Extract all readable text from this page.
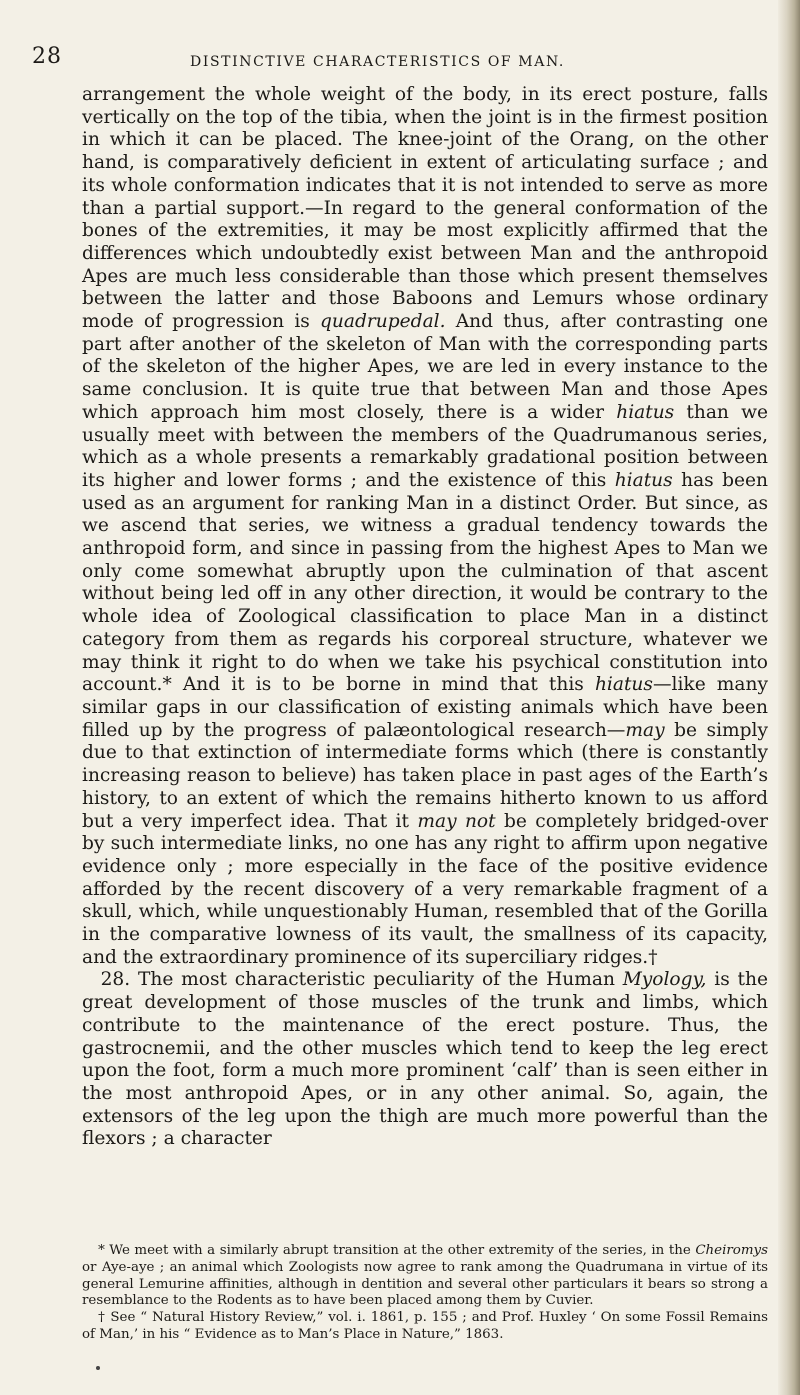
28	DISTINCTIVE CHARACTERISTICS OF MAN.

arrangement the whole weight of the body, in its erect posture, falls vertically on the top of the tibia, when the joint is in the firmest position in which it can be placed. The knee-joint of the Orang, on the other hand, is comparatively deficient in extent of articulating surface ; and its whole conformation indicates that it is not intended to serve as more than a partial support.—In regard to the general conformation of the bones of the extremities, it may be most explicitly affirmed that the differences which undoubtedly exist between Man and the anthropoid Apes are much less considerable than those which present themselves between the latter and those Baboons and Lemurs whose ordinary mode of progression is quadrupedal. And thus, after contrasting one part after another of the skeleton of Man with the corresponding parts of the skeleton of the higher Apes, we are led in every instance to the same conclusion. It is quite true that between Man and those Apes which approach him most closely, there is a wider hiatus than we usually meet with between the members of the Quadrumanous series, which as a whole presents a remarkably gradational position between its higher and lower forms ; and the existence of this hiatus has been used as an argument for ranking Man in a distinct Order. But since, as we ascend that series, we witness a gradual tendency towards the anthropoid form, and since in passing from the highest Apes to Man we only come somewhat abruptly upon the culmination of that ascent without being led off in any other direction, it would be contrary to the whole idea of Zoological classification to place Man in a distinct category from them as regards his corporeal structure, whatever we may think it right to do when we take his psychical constitution into account.* And it is to be borne in mind that this hiatus—like many similar gaps in our classification of existing animals which have been filled up by the progress of palæontological research—may be simply due to that extinction of intermediate forms which (there is constantly increasing reason to believe) has taken place in past ages of the Earth’s history, to an extent of which the remains hitherto known to us afford but a very imperfect idea. That it may not be completely bridged-over by such intermediate links, no one has any right to affirm upon negative evidence only ; more especially in the face of the positive evidence afforded by the recent discovery of a very remarkable fragment of a skull, which, while unquestionably Human, resembled that of the Gorilla in the comparative lowness of its vault, the smallness of its capacity, and the extraordinary prominence of its superciliary ridges.†

28. The most characteristic peculiarity of the Human Myology, is the great development of those muscles of the trunk and limbs, which contribute to the maintenance of the erect posture. Thus, the gastrocnemii, and the other muscles which tend to keep the leg erect upon the foot, form a much more prominent ‘calf’ than is seen either in the most anthropoid Apes, or in any other animal. So, again, the extensors of the leg upon the thigh are much more powerful than the flexors ; a character

* We meet with a similarly abrupt transition at the other extremity of the series, in the Cheiromys or Aye-aye ; an animal which Zoologists now agree to rank among the Quadrumana in virtue of its general Lemurine affinities, although in dentition and several other particulars it bears so strong a resemblance to the Rodents as to have been placed among them by Cuvier.

† See “ Natural History Review,” vol. i. 1861, p. 155 ; and Prof. Huxley ‘ On some Fossil Remains of Man,’ in his “ Evidence as to Man’s Place in Nature,” 1863.
